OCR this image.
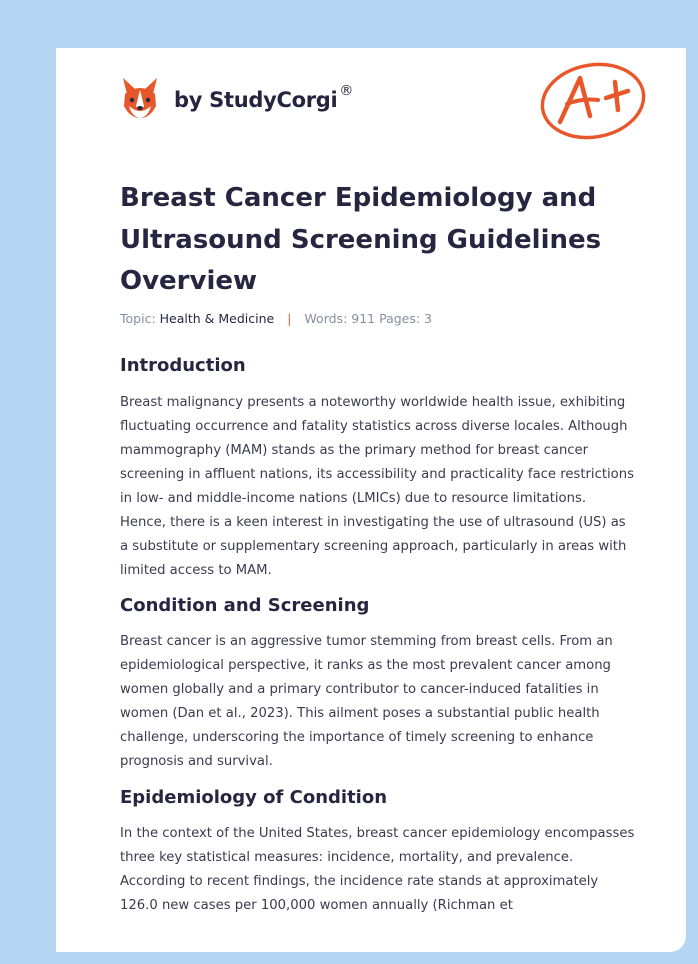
by StudyCorgi ®
Breast Cancer Epidemiology and Ultrasound Screening Guidelines Overview
Topic: Health & Medicine | Words: 911 Pages: 3
Introduction

Breast malignancy presents a noteworthy worldwide health issue, exhibiting fluctuating occurrence and fatality statistics across diverse locales. Although mammography (MAM) stands as the primary method for breast cancer screening in affluent nations, its accessibility and practicality face restrictions in low- and middle-income nations (LMICs) due to resource limitations. Hence, there is a keen interest in investigating the use of ultrasound (US) as a substitute or supplementary screening approach, particularly in areas with limited access to MAM.

Condition and Screening

Breast cancer is an aggressive tumor stemming from breast cells. From an epidemiological perspective, it ranks as the most prevalent cancer among women globally and a primary contributor to cancer-induced fatalities in women (Dan et al., 2023). This ailment poses a substantial public health challenge, underscoring the importance of timely screening to enhance prognosis and survival.

Epidemiology of Condition

In the context of the United States, breast cancer epidemiology encompasses three key statistical measures: incidence, mortality, and prevalence. According to recent findings, the incidence rate stands at approximately 126.0 new cases per 100,000 women annually (Richman et
